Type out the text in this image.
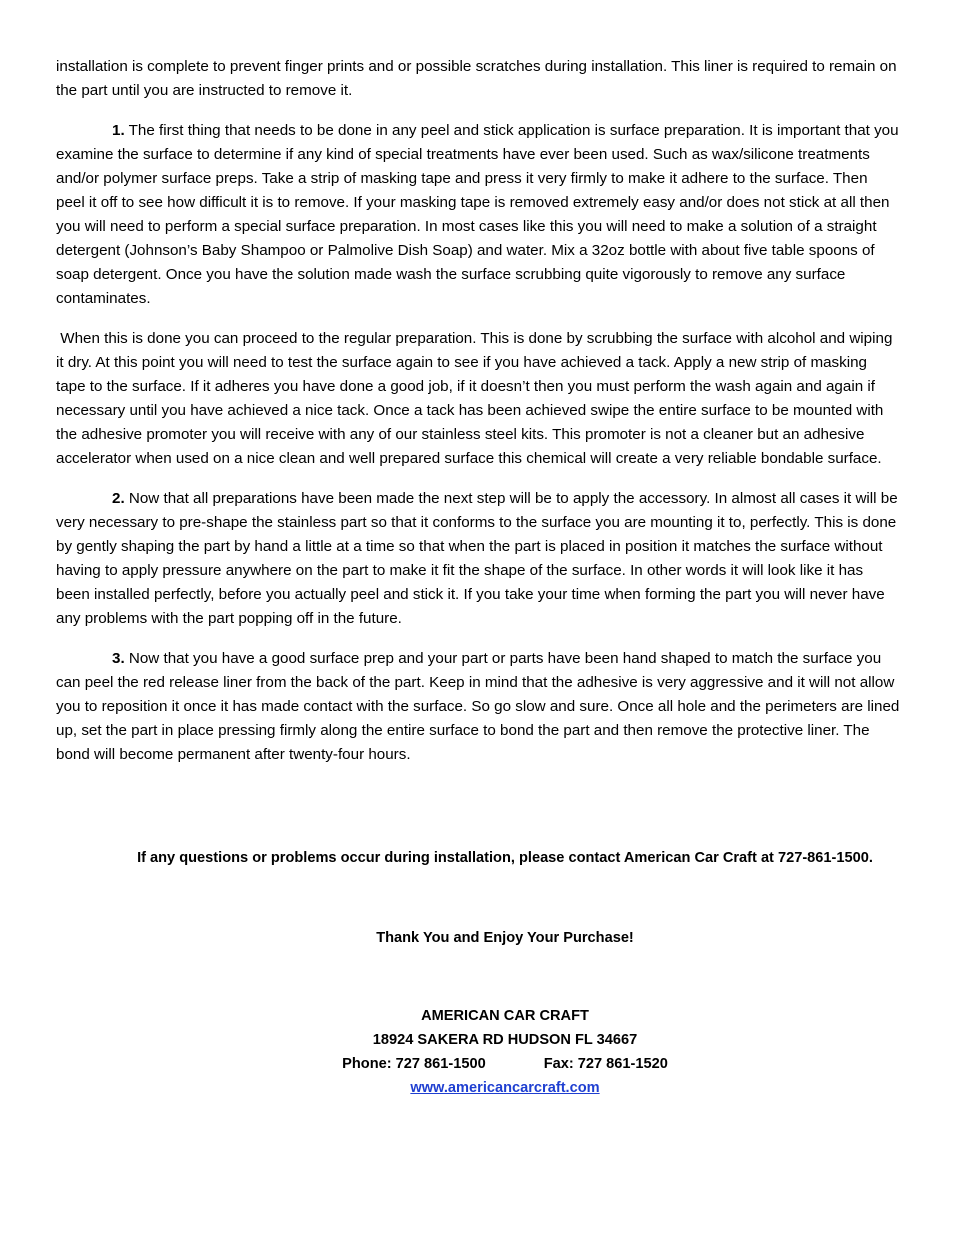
installation is complete to prevent finger prints and or possible scratches during installation. This liner is required to remain on the part until you are instructed to remove it.

1. The first thing that needs to be done in any peel and stick application is surface preparation. It is important that you examine the surface to determine if any kind of special treatments have ever been used. Such as wax/silicone treatments and/or polymer surface preps. Take a strip of masking tape and press it very firmly to make it adhere to the surface. Then peel it off to see how difficult it is to remove. If your masking tape is removed extremely easy and/or does not stick at all then you will need to perform a special surface preparation. In most cases like this you will need to make a solution of a straight detergent (Johnson’s Baby Shampoo or Palmolive Dish Soap) and water. Mix a 32oz bottle with about five table spoons of soap detergent. Once you have the solution made wash the surface scrubbing quite vigorously to remove any surface contaminates.

When this is done you can proceed to the regular preparation. This is done by scrubbing the surface with alcohol and wiping it dry. At this point you will need to test the surface again to see if you have achieved a tack. Apply a new strip of masking tape to the surface. If it adheres you have done a good job, if it doesn’t then you must perform the wash again and again if necessary until you have achieved a nice tack. Once a tack has been achieved swipe the entire surface to be mounted with the adhesive promoter you will receive with any of our stainless steel kits. This promoter is not a cleaner but an adhesive accelerator when used on a nice clean and well prepared surface this chemical will create a very reliable bondable surface.

2. Now that all preparations have been made the next step will be to apply the accessory. In almost all cases it will be very necessary to pre-shape the stainless part so that it conforms to the surface you are mounting it to, perfectly. This is done by gently shaping the part by hand a little at a time so that when the part is placed in position it matches the surface without having to apply pressure anywhere on the part to make it fit the shape of the surface. In other words it will look like it has been installed perfectly, before you actually peel and stick it. If you take your time when forming the part you will never have any problems with the part popping off in the future.

3. Now that you have a good surface prep and your part or parts have been hand shaped to match the surface you can peel the red release liner from the back of the part. Keep in mind that the adhesive is very aggressive and it will not allow you to reposition it once it has made contact with the surface. So go slow and sure. Once all hole and the perimeters are lined up, set the part in place pressing firmly along the entire surface to bond the part and then remove the protective liner. The bond will become permanent after twenty-four hours.

If any questions or problems occur during installation, please contact American Car Craft at 727-861-1500.
Thank You and Enjoy Your Purchase!
AMERICAN CAR CRAFT
18924 SAKERA RD HUDSON FL 34667
Phone: 727 861-1500	Fax: 727 861-1520
www.americancarcraft.com
